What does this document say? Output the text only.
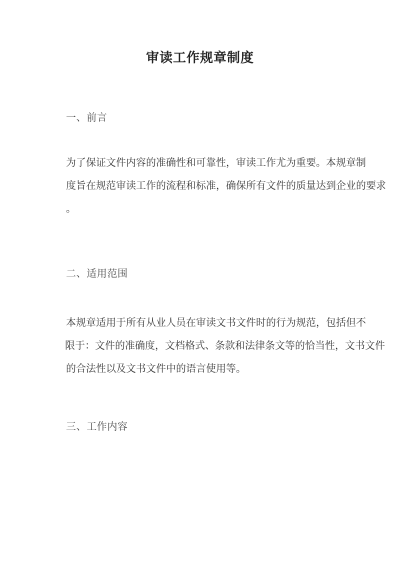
审读工作规章制度
一、前言
为了保证文件内容的准确性和可靠性，审读工作尤为重要。本规章制
度旨在规范审读工作的流程和标准，确保所有文件的质量达到企业的要求
。
二、适用范围
本规章适用于所有从业人员在审读文书文件时的行为规范，包括但不
限于：文件的准确度，文档格式、条款和法律条文等的恰当性，文书文件
的合法性以及文书文件中的语言使用等。
三、工作内容
